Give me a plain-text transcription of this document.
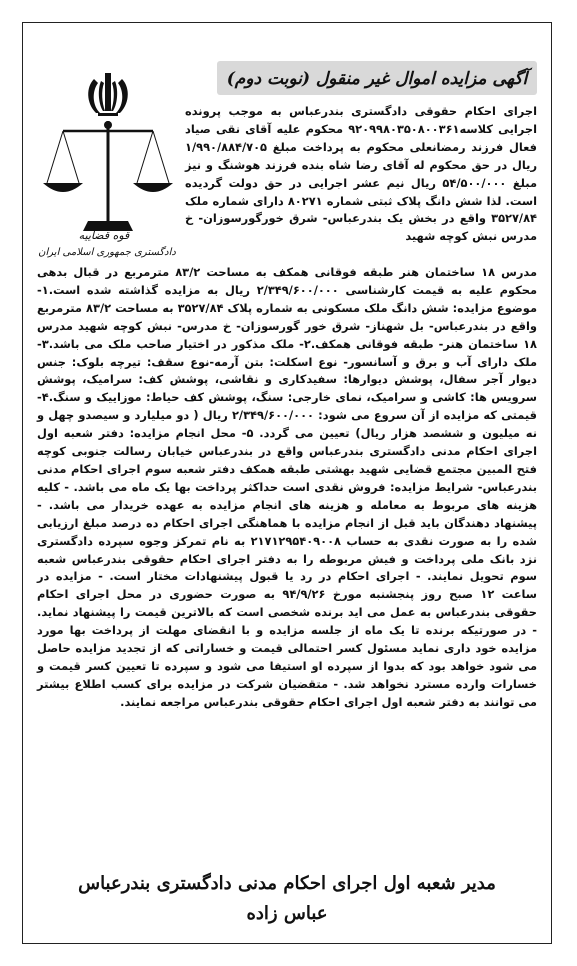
آگهی مزایده اموال غیر منقول (نوبت دوم)
قوه قضاییه
دادگستری جمهوری اسلامی ایران
اجرای احکام حقوقی دادگستری بندرعباس به موجب پرونده اجرایی کلاسه۹۲۰۹۹۸۰۳۵۰۸۰۰۳۶۱ محکوم علیه آقای نقی صیاد فعال فرزند رمضانعلی محکوم به پرداخت مبلغ ۱/۹۹۰/۸۸۴/۷۰۵ ریال در حق محکوم له آقای رضا شاه بنده فرزند هوشنگ و نیز مبلغ ۵۴/۵۰۰/۰۰۰ ریال نیم عشر اجرایی در حق دولت گردیده است. لذا شش دانگ پلاک ثبتی شماره ۸۰۲۷۱ دارای شماره ملک ۳۵۲۷/۸۴ واقع در بخش یک بندرعباس- شرق خورگورسوزان- خ مدرس نبش کوچه شهید
مدرس ۱۸ ساختمان هنر طبقه فوقانی همکف به مساحت ۸۳/۲ مترمربع در قبال بدهی محکوم علیه به قیمت کارشناسی ۲/۳۴۹/۶۰۰/۰۰۰ ریال به مزایده گذاشته شده است.۱- موضوع مزایده: شش دانگ ملک مسکونی به شماره پلاک ۳۵۲۷/۸۴ به مساحت ۸۳/۲ مترمربع واقع در بندرعباس- بل شهناز- شرق خور گورسوزان- خ مدرس- نبش کوچه شهید مدرس ۱۸ ساختمان هنر- طبقه فوقانی همکف.۲- ملک مذکور در اختیار صاحب ملک می باشد.۳- ملک دارای آب و برق و آسانسور- نوع اسکلت: بتن آرمه-نوع سقف: تیرچه بلوک: جنس دیوار آجر سفال، پوشش دیوارها: سفیدکاری و نقاشی، پوشش کف: سرامیک، پوشش سرویس ها: کاشی و سرامیک، نمای خارجی: سنگ، پوشش کف حیاط: موزاییک و سنگ.۴- قیمتی که مزایده از آن سروع می شود: ۲/۳۴۹/۶۰۰/۰۰۰ ریال ( دو میلیارد و سیصدو چهل و نه میلیون و ششصد هزار ریال) تعیین می گردد. ۵- محل انجام مزایده: دفتر شعبه اول اجرای احکام مدنی دادگستری بندرعباس واقع در بندرعباس خیابان رسالت جنوبی کوچه فتح المبین مجتمع قضایی شهید بهشتی طبقه همکف دفتر شعبه سوم اجرای احکام مدنی بندرعباس- شرایط مزایده: فروش نقدی است حداکثر پرداخت بها یک ماه می باشد. - کلیه هزینه های مربوط به معامله و هزینه های انجام مزایده به عهده خریدار می باشد. - پیشنهاد دهندگان باید قبل از انجام مزایده با هماهنگی اجرای احکام ده درصد مبلغ ارزیابی شده را به صورت نقدی به حساب ۲۱۷۱۲۹۵۴۰۹۰۰۸ به نام تمرکز وجوه سپرده دادگستری نزد بانک ملی پرداخت و فیش مربوطه را به دفتر اجرای احکام حقوقی بندرعباس شعبه سوم تحویل نمایند. - اجرای احکام در رد یا قبول پیشنهادات مختار است. - مزایده در ساعت ۱۲ صبح روز پنجشنبه مورخ ۹۴/۹/۲۶ به صورت حضوری در محل اجرای احکام حقوقی بندرعباس به عمل می اید برنده شخصی است که بالاترین قیمت را پیشنهاد نماید. - در صورتیکه برنده تا یک ماه از جلسه مزایده و با انقضای مهلت از پرداخت بها مورد مزایده خود داری نماید مسئول کسر احتمالی قیمت و خساراتی که از تجدید مزایده حاصل می شود خواهد بود که بدوا از سپرده او استیفا می شود و سپرده تا تعیین کسر قیمت و خسارات وارده مسترد نخواهد شد. - متقضیان شرکت در مزایده برای کسب اطلاع بیشتر می توانند به دفتر شعبه اول اجرای احکام حقوقی بندرعباس مراجعه نمایند.
مدیر شعبه اول اجرای احکام مدنی دادگستری بندرعباس
عباس زاده
